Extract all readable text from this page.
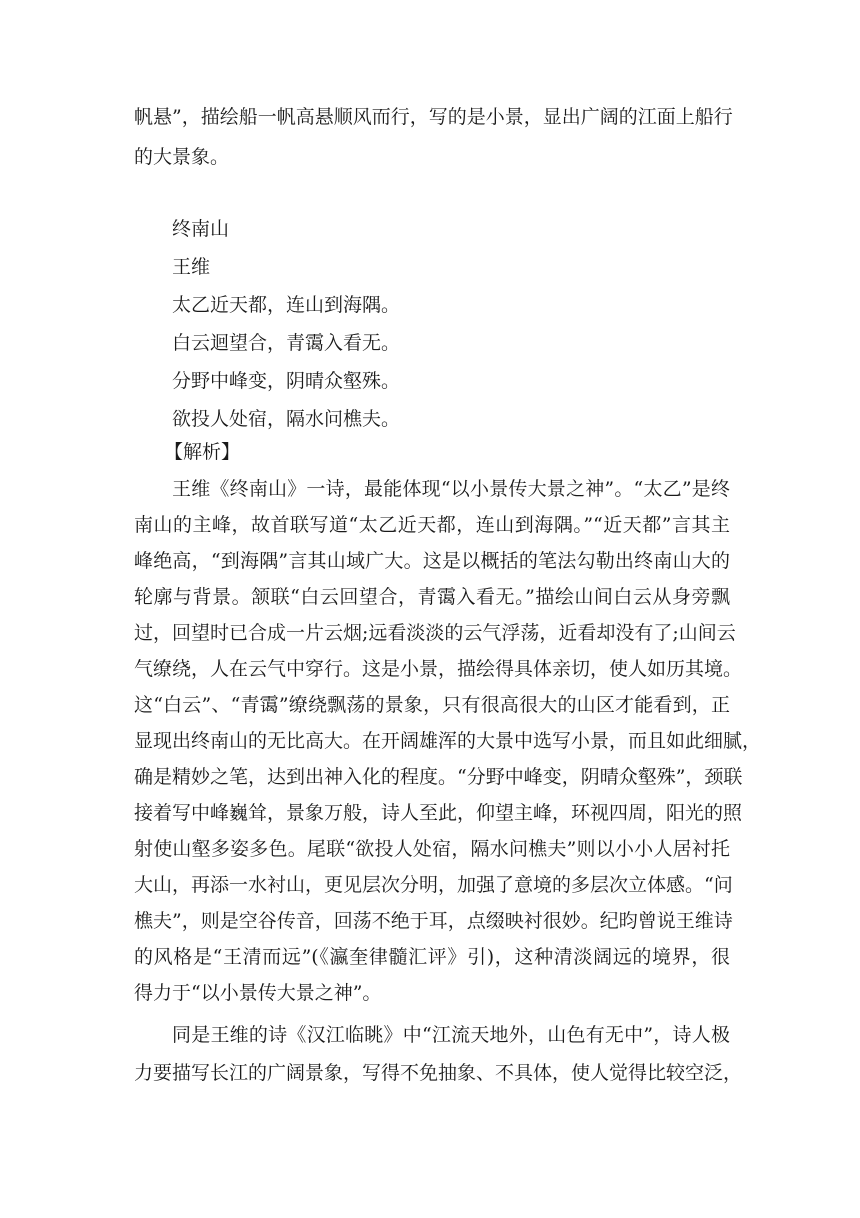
帆悬”，描绘船一帆高悬顺风而行，写的是小景，显出广阔的江面上船行
的大景象。
终南山
王维
太乙近天都，连山到海隅。
白云迴望合，青霭入看无。
分野中峰变，阴晴众壑殊。
欲投人处宿，隔水问樵夫。
【解析】
王维《终南山》一诗，最能体现“以小景传大景之神”。“太乙”是终
南山的主峰，故首联写道“太乙近天都，连山到海隅。”“近天都”言其主
峰绝高，“到海隅”言其山域广大。这是以概括的笔法勾勒出终南山大的
轮廓与背景。颔联“白云回望合，青霭入看无。”描绘山间白云从身旁飘
过，回望时已合成一片云烟;远看淡淡的云气浮荡，近看却没有了;山间云
气缭绕，人在云气中穿行。这是小景，描绘得具体亲切，使人如历其境。
这“白云”、“青霭”缭绕飘荡的景象，只有很高很大的山区才能看到，正
显现出终南山的无比高大。在开阔雄浑的大景中选写小景，而且如此细腻，
确是精妙之笔，达到出神入化的程度。“分野中峰变，阴晴众壑殊”，颈联
接着写中峰巍耸，景象万般，诗人至此，仰望主峰，环视四周，阳光的照
射使山壑多姿多色。尾联“欲投人处宿，隔水问樵夫”则以小小人居衬托
大山，再添一水衬山，更见层次分明，加强了意境的多层次立体感。“问
樵夫”，则是空谷传音，回荡不绝于耳，点缀映衬很妙。纪昀曾说王维诗
的风格是“王清而远”(《瀛奎律髓汇评》引)，这种清淡阔远的境界，很
得力于“以小景传大景之神”。
同是王维的诗《汉江临眺》中“江流天地外，山色有无中”，诗人极
力要描写长江的广阔景象，写得不免抽象、不具体，使人觉得比较空泛，
